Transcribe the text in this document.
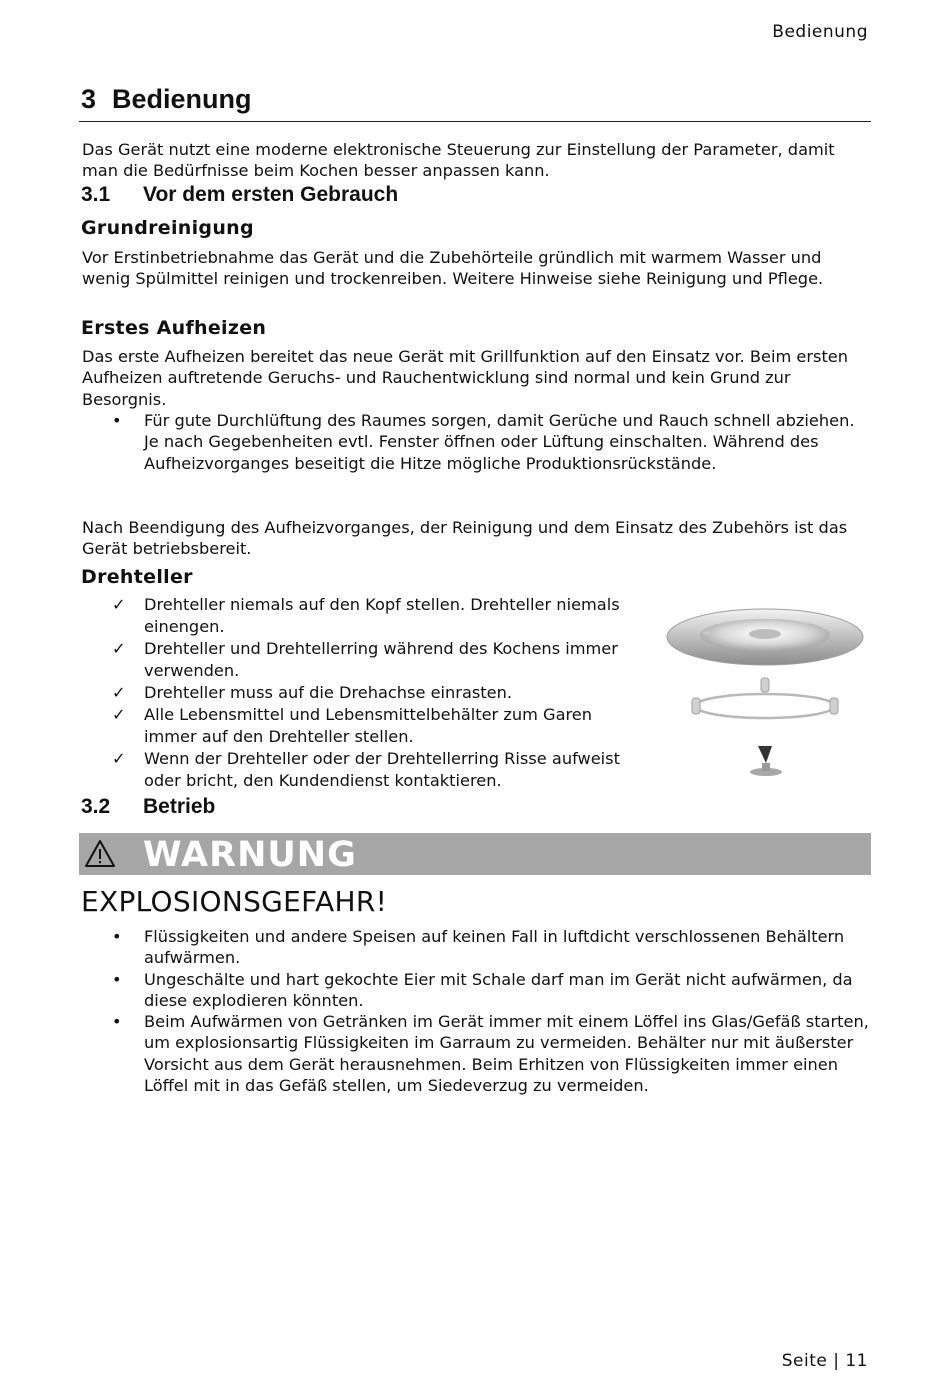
Bedienung
3 Bedienung
Das Gerät nutzt eine moderne elektronische Steuerung zur Einstellung der Parameter, damit man die Bedürfnisse beim Kochen besser anpassen kann.
3.1 Vor dem ersten Gebrauch
Grundreinigung
Vor Erstinbetriebnahme das Gerät und die Zubehörteile gründlich mit warmem Wasser und wenig Spülmittel reinigen und trockenreiben. Weitere Hinweise siehe Reinigung und Pflege.
Erstes Aufheizen
Das erste Aufheizen bereitet das neue Gerät mit Grillfunktion auf den Einsatz vor. Beim ersten Aufheizen auftretende Geruchs- und Rauchentwicklung sind normal und kein Grund zur Besorgnis.
• Für gute Durchlüftung des Raumes sorgen, damit Gerüche und Rauch schnell abziehen. Je nach Gegebenheiten evtl. Fenster öffnen oder Lüftung einschalten. Während des Aufheizvorganges beseitigt die Hitze mögliche Produktionsrückstände.
Nach Beendigung des Aufheizvorganges, der Reinigung und dem Einsatz des Zubehörs ist das Gerät betriebsbereit.
Drehteller
✓ Drehteller niemals auf den Kopf stellen. Drehteller niemals einengen.
✓ Drehteller und Drehtellerring während des Kochens immer verwenden.
✓ Drehteller muss auf die Drehachse einrasten.
✓ Alle Lebensmittel und Lebensmittelbehälter zum Garen immer auf den Drehteller stellen.
✓ Wenn der Drehteller oder der Drehtellerring Risse aufweist oder bricht, den Kundendienst kontaktieren.
3.2 Betrieb
WARNUNG
EXPLOSIONSGEFAHR!
• Flüssigkeiten und andere Speisen auf keinen Fall in luftdicht verschlossenen Behältern aufwärmen.
• Ungeschälte und hart gekochte Eier mit Schale darf man im Gerät nicht aufwärmen, da diese explodieren könnten.
• Beim Aufwärmen von Getränken im Gerät immer mit einem Löffel ins Glas/Gefäß starten, um explosionsartig Flüssigkeiten im Garraum zu vermeiden. Behälter nur mit äußerster Vorsicht aus dem Gerät herausnehmen. Beim Erhitzen von Flüssigkeiten immer einen Löffel mit in das Gefäß stellen, um Siedeverzug zu vermeiden.
Seite | 11
